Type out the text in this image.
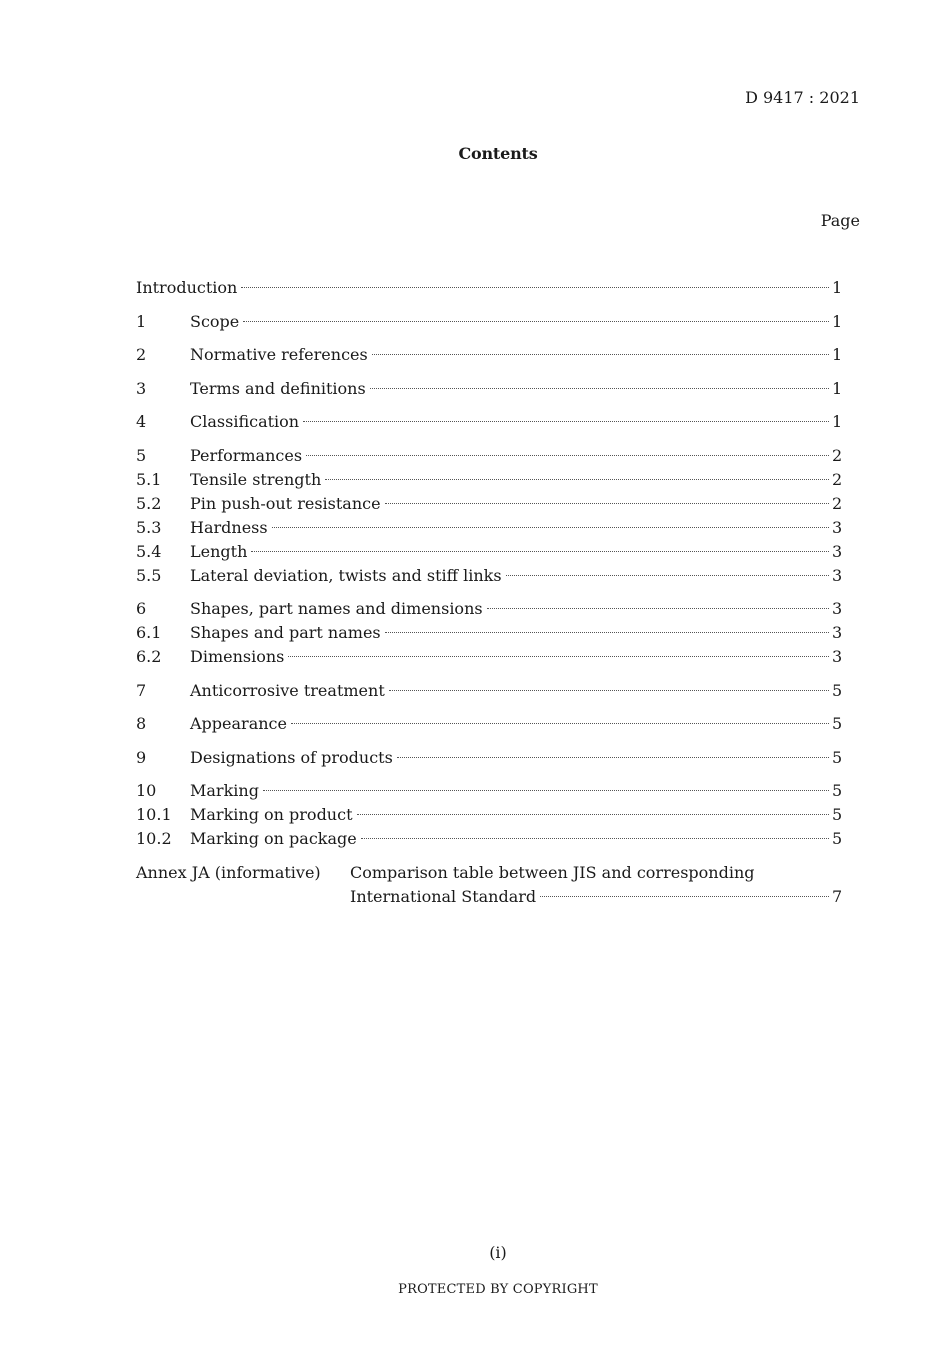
D 9417 : 2021
Contents
Page
Introduction	1
1	Scope	1
2	Normative references	1
3	Terms and definitions	1
4	Classification	1
5	Performances	2
5.1	Tensile strength	2
5.2	Pin push-out resistance	2
5.3	Hardness	3
5.4	Length	3
5.5	Lateral deviation, twists and stiff links	3
6	Shapes, part names and dimensions	3
6.1	Shapes and part names	3
6.2	Dimensions	3
7	Anticorrosive treatment	5
8	Appearance	5
9	Designations of products	5
10	Marking	5
10.1	Marking on product	5
10.2	Marking on package	5
Annex JA (informative)	Comparison table between JIS and corresponding
International Standard	7
(i)
PROTECTED BY COPYRIGHT
